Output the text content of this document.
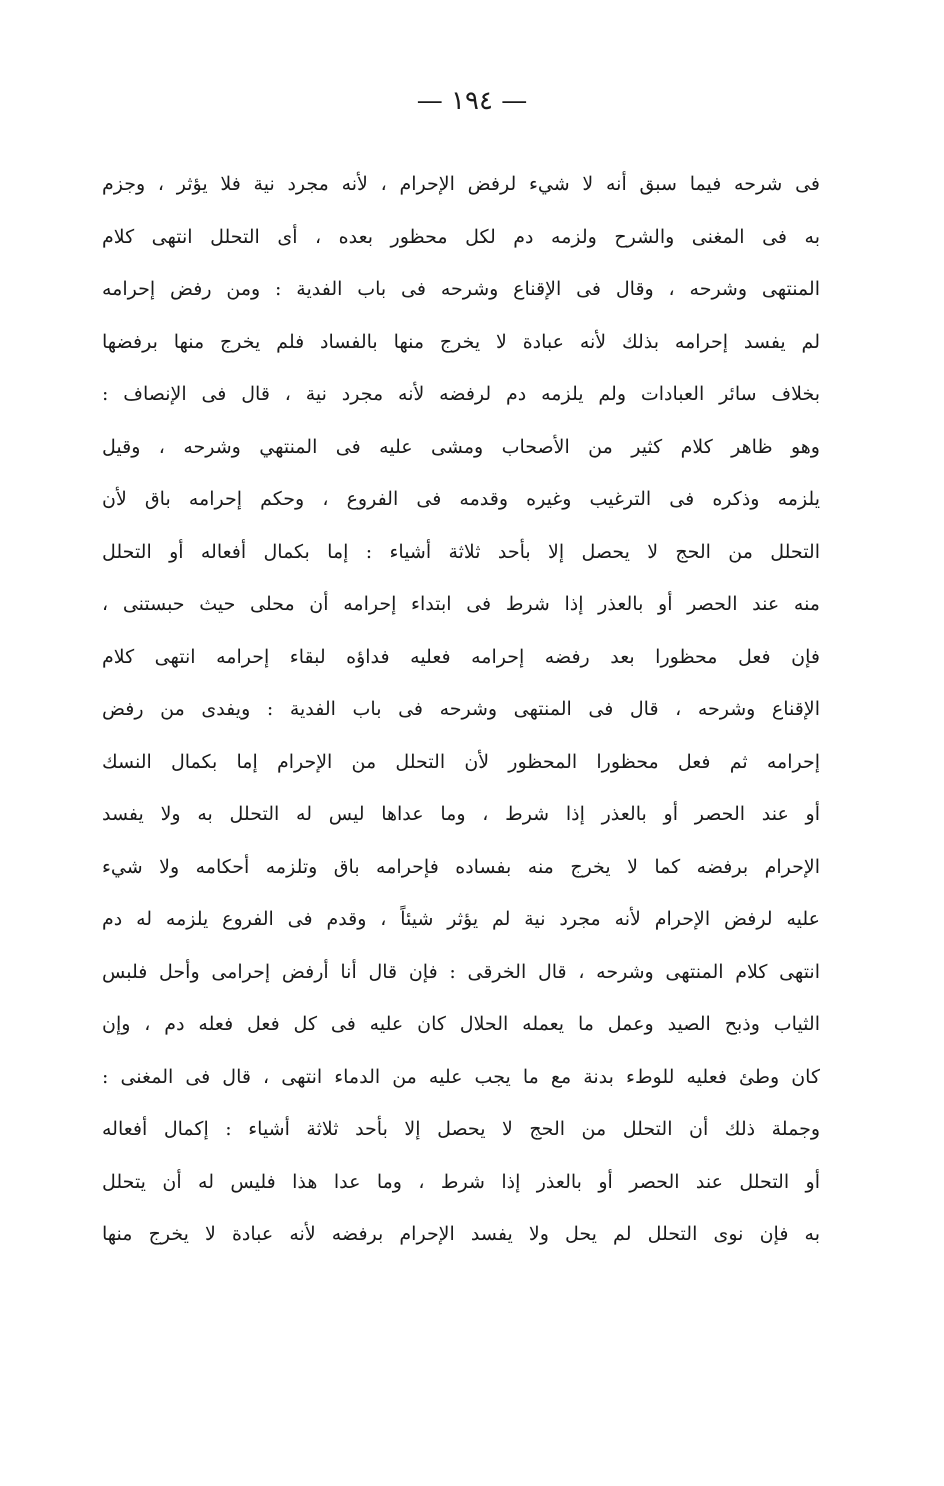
— ١٩٤ —
فى شرحه فيما سبق أنه لا شيء لرفض الإحرام ، لأنه مجرد نية فلا يؤثر ، وجزم
به فى المغنى والشرح ولزمه دم لكل محظور بعده ، أى التحلل انتهى كلام
المنتهى وشرحه ، وقال فى الإقناع وشرحه فى باب الفدية : ومن رفض إحرامه
لم يفسد إحرامه بذلك لأنه عبادة لا يخرج منها بالفساد فلم يخرج منها برفضها
بخلاف سائر العبادات ولم يلزمه دم لرفضه لأنه مجرد نية ، قال فى الإنصاف :
وهو ظاهر كلام كثير من الأصحاب ومشى عليه فى المنتهي وشرحه ، وقيل
يلزمه وذكره فى الترغيب وغيره وقدمه فى الفروع ، وحكم إحرامه باق لأن
التحلل من الحج لا يحصل إلا بأحد ثلاثة أشياء : إما بكمال أفعاله أو التحلل
منه عند الحصر أو بالعذر إذا شرط فى ابتداء إحرامه أن محلى حيث حبستنى ،
فإن فعل محظورا بعد رفضه إحرامه فعليه فداؤه لبقاء إحرامه انتهى كلام
الإقناع وشرحه ، قال فى المنتهى وشرحه فى باب الفدية : ويفدى من رفض
إحرامه ثم فعل محظورا المحظور لأن التحلل من الإحرام إما بكمال النسك
أو عند الحصر أو بالعذر إذا شرط ، وما عداها ليس له التحلل به ولا يفسد
الإحرام برفضه كما لا يخرج منه بفساده فإحرامه باق وتلزمه أحكامه ولا شيء
عليه لرفض الإحرام لأنه مجرد نية لم يؤثر شيئاً ، وقدم فى الفروع يلزمه له دم
انتهى كلام المنتهى وشرحه ، قال الخرقى : فإن قال أنا أرفض إحرامى وأحل فلبس
الثياب وذبح الصيد وعمل ما يعمله الحلال كان عليه فى كل فعل فعله دم ، وإن
كان وطئ فعليه للوطء بدنة مع ما يجب عليه من الدماء انتهى ، قال فى المغنى :
وجملة ذلك أن التحلل من الحج لا يحصل إلا بأحد ثلاثة أشياء : إكمال أفعاله
أو التحلل عند الحصر أو بالعذر إذا شرط ، وما عدا هذا فليس له أن يتحلل
به فإن نوى التحلل لم يحل ولا يفسد الإحرام برفضه لأنه عبادة لا يخرج منها
